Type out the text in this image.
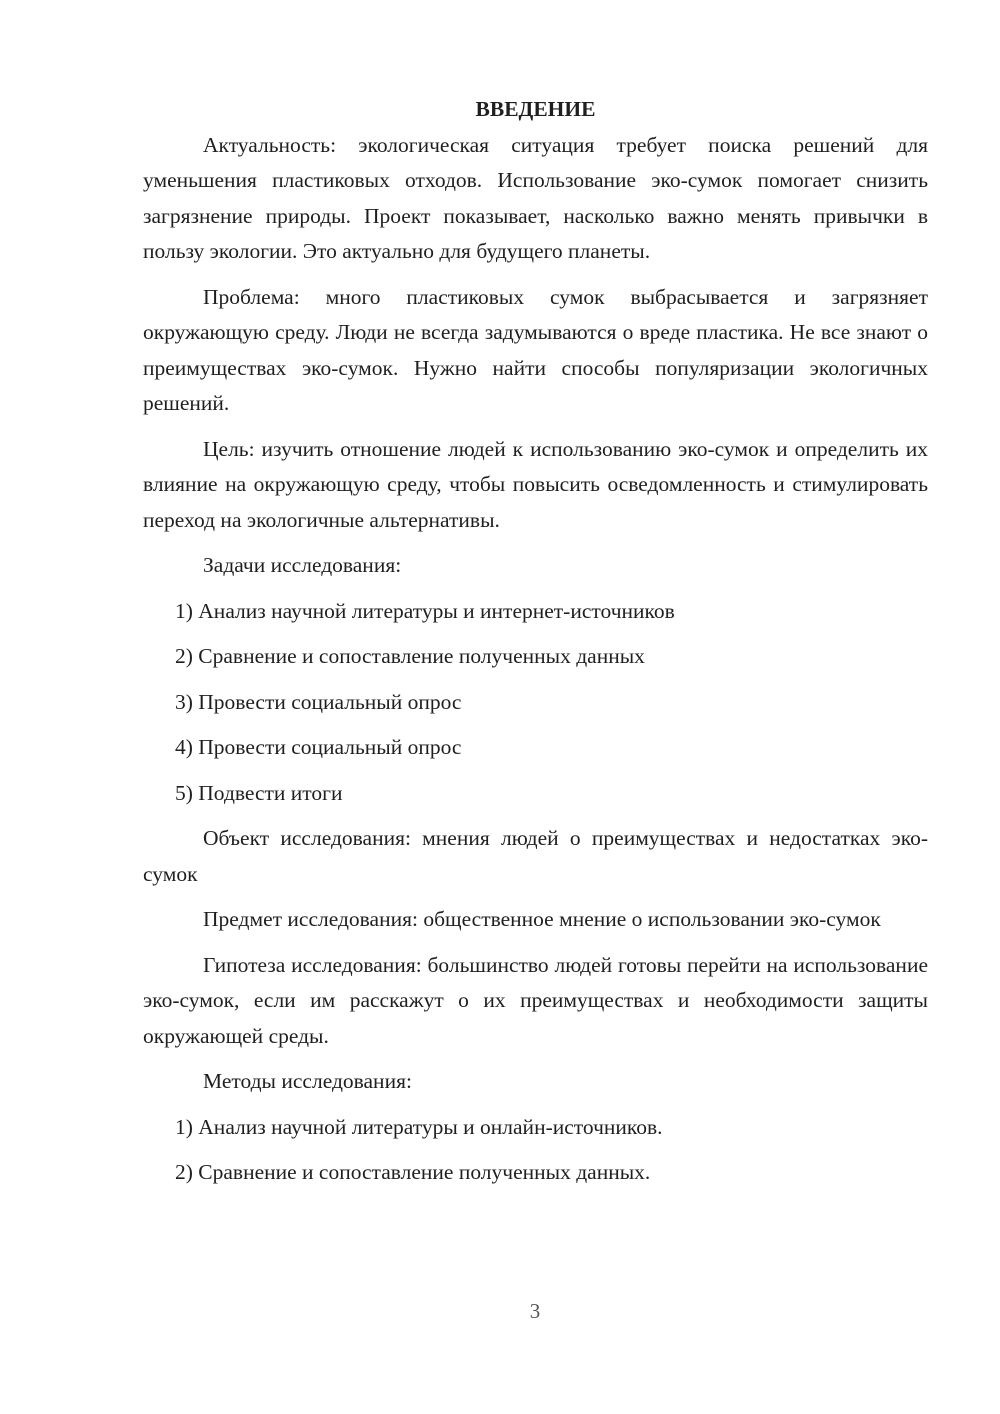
ВВЕДЕНИЕ

Актуальность: экологическая ситуация требует поиска решений для уменьшения пластиковых отходов. Использование эко-сумок помогает снизить загрязнение природы. Проект показывает, насколько важно менять привычки в пользу экологии. Это актуально для будущего планеты.

Проблема: много пластиковых сумок выбрасывается и загрязняет окружающую среду. Люди не всегда задумываются о вреде пластика. Не все знают о преимуществах эко-сумок. Нужно найти способы популяризации экологичных решений.

Цель: изучить отношение людей к использованию эко-сумок и определить их влияние на окружающую среду, чтобы повысить осведомленность и стимулировать переход на экологичные альтернативы.

Задачи исследования:
1) Анализ научной литературы и интернет-источников
2) Сравнение и сопоставление полученных данных
3) Провести социальный опрос
4) Провести социальный опрос
5) Подвести итоги

Объект исследования: мнения людей о преимуществах и недостатках эко-сумок

Предмет исследования: общественное мнение о использовании эко-сумок

Гипотеза исследования: большинство людей готовы перейти на использование эко-сумок, если им расскажут о их преимуществах и необходимости защиты окружающей среды.

Методы исследования:
1) Анализ научной литературы и онлайн-источников.
2) Сравнение и сопоставление полученных данных.
3
